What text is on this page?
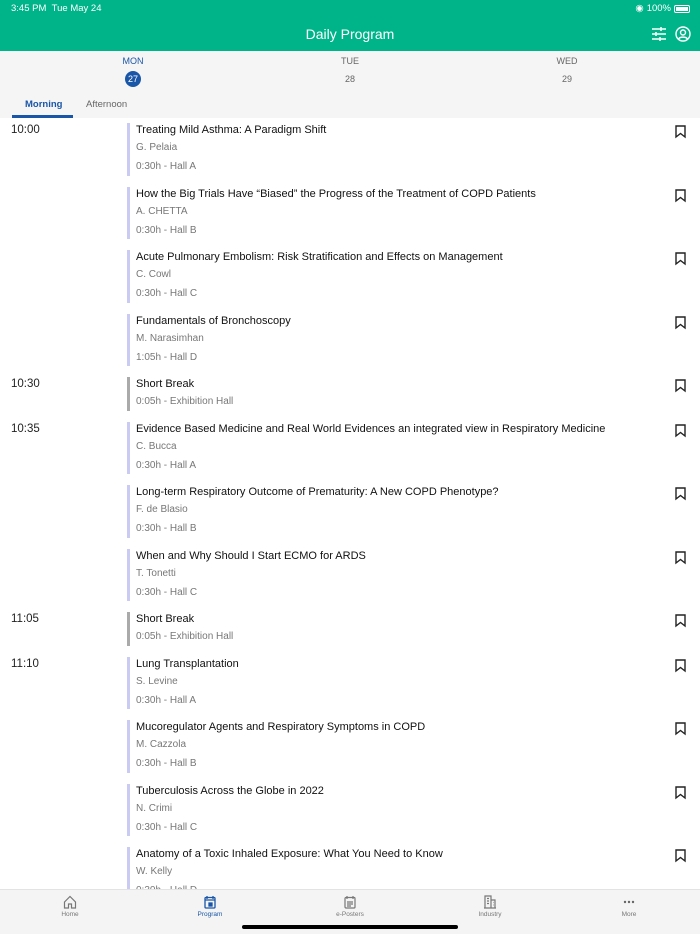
3:45 PM Tue May 24	◉ 100%
Daily Program
MON
27
TUE
28
WED
29
Morning Afternoon
10:00	Treating Mild Asthma: A Paradigm Shift
G. Pelaia
0:30h - Hall A
How the Big Trials Have “Biased” the Progress of the Treatment of COPD Patients
A. CHETTA
0:30h - Hall B
Acute Pulmonary Embolism: Risk Stratification and Effects on Management
C. Cowl
0:30h - Hall C
Fundamentals of Bronchoscopy
M. Narasimhan
1:05h - Hall D
10:30	Short Break
0:05h - Exhibition Hall
10:35	Evidence Based Medicine and Real World Evidences an integrated view in Respiratory Medicine
C. Bucca
0:30h - Hall A
Long-term Respiratory Outcome of Prematurity: A New COPD Phenotype?
F. de Blasio
0:30h - Hall B
When and Why Should I Start ECMO for ARDS
T. Tonetti
0:30h - Hall C
11:05	Short Break
0:05h - Exhibition Hall
11:10	Lung Transplantation
S. Levine
0:30h - Hall A
Mucoregulator Agents and Respiratory Symptoms in COPD
M. Cazzola
0:30h - Hall B
Tuberculosis Across the Globe in 2022
N. Crimi
0:30h - Hall C
Anatomy of a Toxic Inhaled Exposure: What You Need to Know
W. Kelly
Home	Program	e-Posters	Industry	More
